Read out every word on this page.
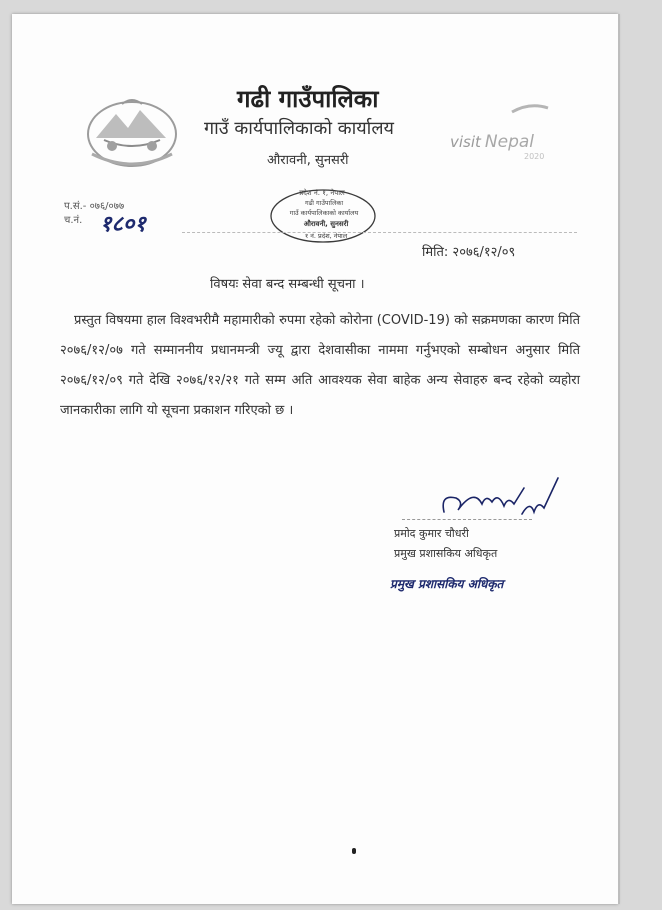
गढी गाउँपालिका
गाउँ कार्यपालिकाको कार्यालय
औरावनी, सुनसरी
visit Nepal
2020
प्रदेश नं. १, नेपाल
गढी गाउँपालिका
गाउँ कार्यपालिकाको कार्यालय
औरावनी, सुनसरी
१ नं. प्रदेश, नेपाल
प.सं.- ०७६/०७७
च.नं. १८०१
मिति: २०७६/१२/०९
विषयः सेवा बन्द सम्बन्धी सूचना ।
प्रस्तुत विषयमा हाल विश्वभरीमै महामारीको रुपमा रहेको कोरोना (COVID-19) को सक्रमणका कारण मिति २०७६/१२/०७ गते सम्माननीय प्रधानमन्त्री ज्यू द्वारा देशवासीका नाममा गर्नुभएको सम्बोधन अनुसार मिति २०७६/१२/०९ गते देखि २०७६/१२/२१ गते सम्म अति आवश्यक सेवा बाहेक अन्य सेवाहरु बन्द रहेको व्यहोरा जानकारीका लागि यो सूचना प्रकाशन गरिएको छ ।
प्रमोद कुमार चौधरी
प्रमुख प्रशासकिय अधिकृत
प्रमुख प्रशासकिय अधिकृत
